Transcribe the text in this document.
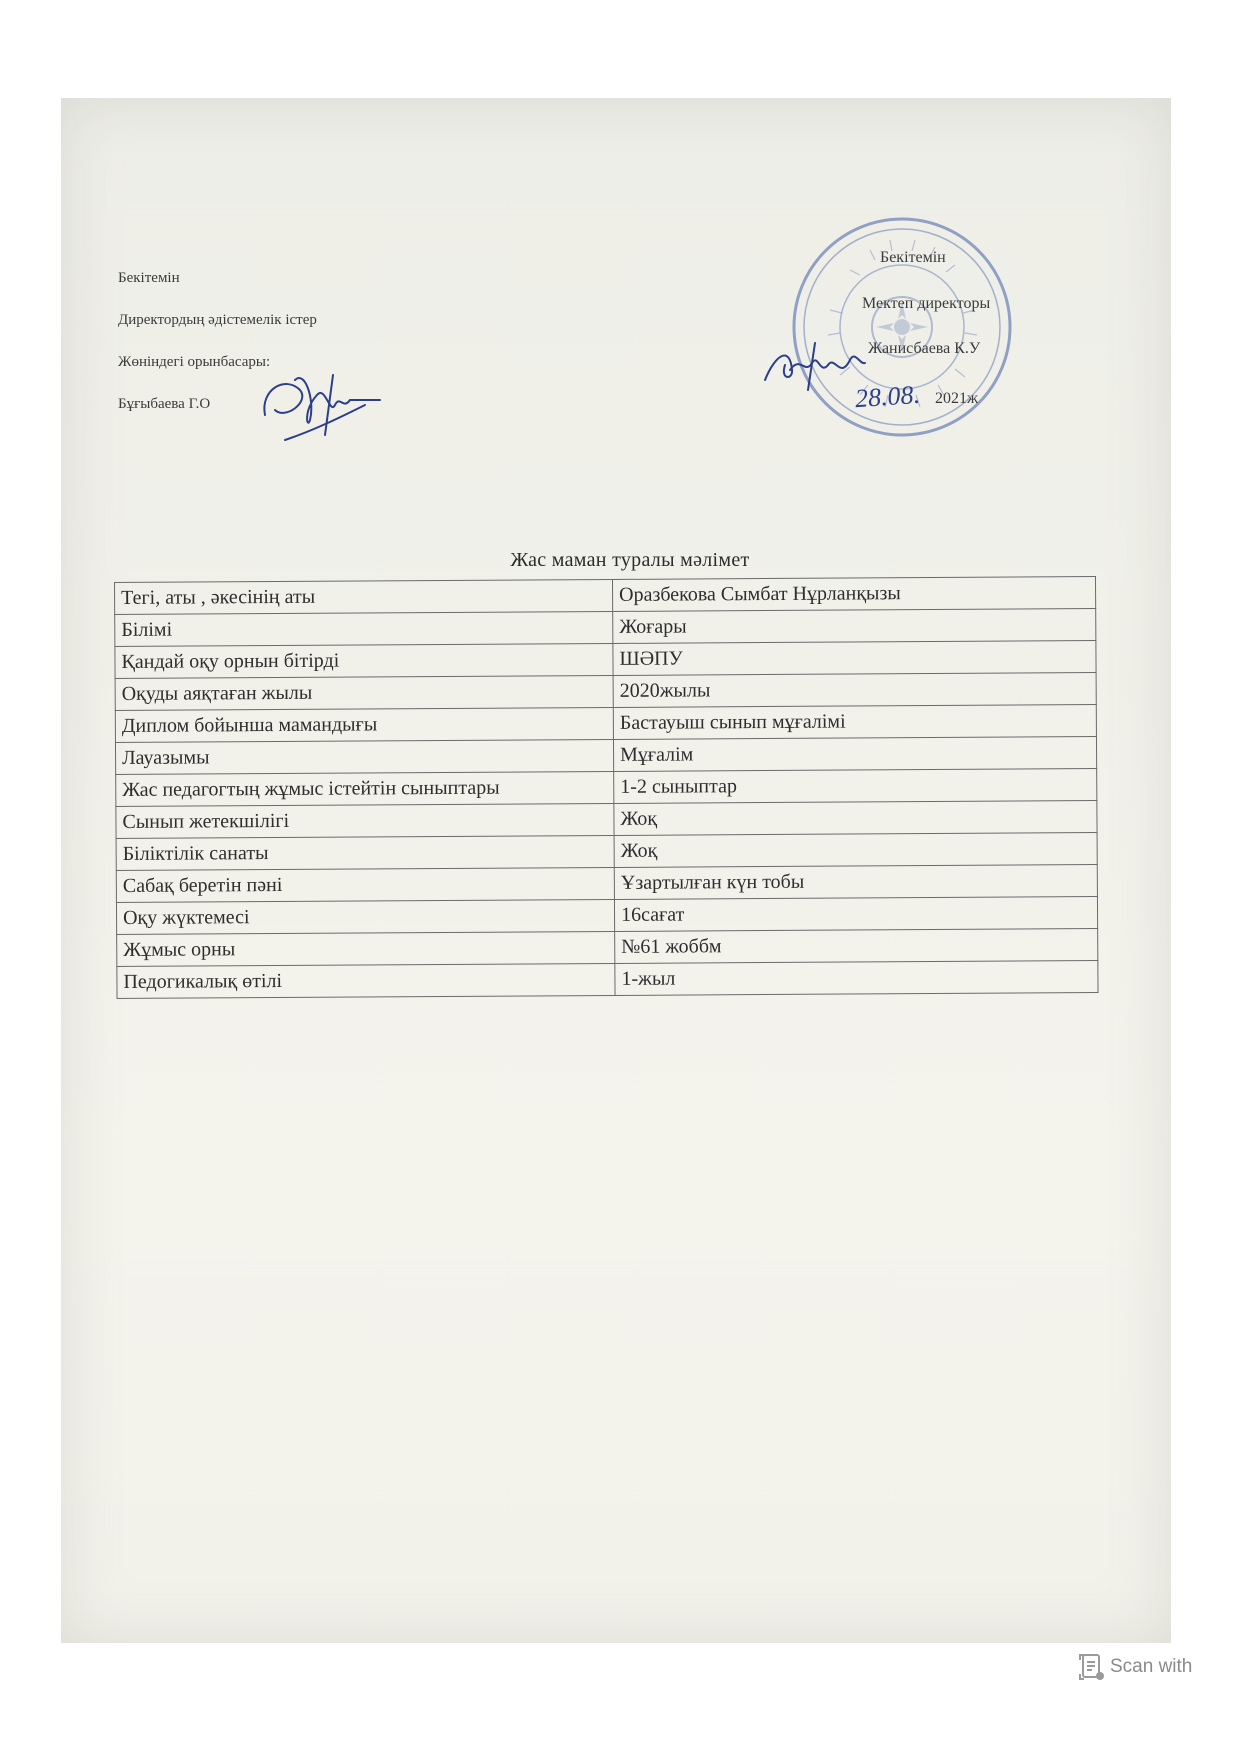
Бекітемін
Директордың әдістемелік істер
Жөніндегі орынбасары:
Бұғыбаева Г.О
Бекітемін
Мектеп директоры
Жанисбаева К.У
28.08. 2021ж
Жас маман туралы мәлімет
Тегі, аты , әкесінің аты	Оразбекова Сымбат Нұрланқызы
Білімі	Жоғары
Қандай оқу орнын бітірді	ШӘПУ
Оқуды аяқтаған жылы	2020жылы
Диплом бойынша мамандығы	Бастауыш сынып мұғалімі
Лауазымы	Мұғалім
Жас педагогтың жұмыс істейтін сыныптары	1-2 сыныптар
Сынып жетекшілігі	Жоқ
Біліктілік санаты	Жоқ
Сабақ беретін пәні	Ұзартылған күн тобы
Оқу жүктемесі	16сағат
Жұмыс орны	№61 жоббм
Педогикалық өтілі	1-жыл
Scan with
